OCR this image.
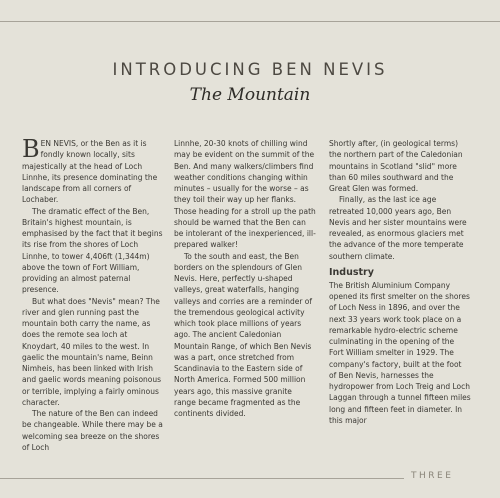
INTRODUCING BEN NEVIS
The Mountain

BEN NEVIS, or the Ben as it is fondly known locally, sits majestically at the head of Loch Linnhe, its presence dominating the landscape from all corners of Lochaber.

The dramatic effect of the Ben, Britain's highest mountain, is emphasised by the fact that it begins its rise from the shores of Loch Linnhe, to tower 4,406ft (1,344m) above the town of Fort William, providing an almost paternal presence.

But what does "Nevis" mean? The river and glen running past the mountain both carry the name, as does the remote sea loch at Knoydart, 40 miles to the west. In gaelic the mountain's name, Beinn Nimheis, has been linked with Irish and gaelic words meaning poisonous or terrible, implying a fairly ominous character.

The nature of the Ben can indeed be changeable. While there may be a welcoming sea breeze on the shores of Loch

Linnhe, 20-30 knots of chilling wind may be evident on the summit of the Ben. And many walkers/climbers find weather conditions changing within minutes – usually for the worse – as they toil their way up her flanks. Those heading for a stroll up the path should be warned that the Ben can be intolerant of the inexperienced, ill-prepared walker!

To the south and east, the Ben borders on the splendours of Glen Nevis. Here, perfectly u-shaped valleys, great waterfalls, hanging valleys and corries are a reminder of the tremendous geological activity which took place millions of years ago. The ancient Caledonian Mountain Range, of which Ben Nevis was a part, once stretched from Scandinavia to the Eastern side of North America. Formed 500 million years ago, this massive granite range became fragmented as the continents divided.

Shortly after, (in geological terms) the northern part of the Caledonian mountains in Scotland "slid" more than 60 miles southward and the Great Glen was formed.

Finally, as the last ice age retreated 10,000 years ago, Ben Nevis and her sister mountains were revealed, as enormous glaciers met the advance of the more temperate southern climate.

Industry

The British Aluminium Company opened its first smelter on the shores of Loch Ness in 1896, and over the next 33 years work took place on a remarkable hydro-electric scheme culminating in the opening of the Fort William smelter in 1929. The company's factory, built at the foot of Ben Nevis, harnesses the hydropower from Loch Treig and Loch Laggan through a tunnel fifteen miles long and fifteen feet in diameter. In this major

THREE
